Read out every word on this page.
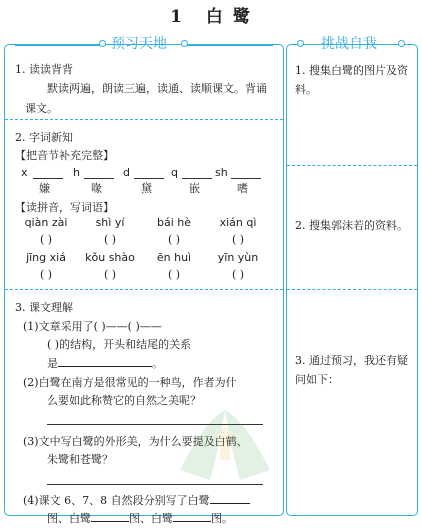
1 白 鹭
预习天地
1. 读读背背
默读两遍，朗读三遍，读通、读顺课文。背诵课文。
2. 字词新知
【把音节补充完整】
x	h	d	q	sh
嫌	喙	黛	嵌	嗜
【读拼音，写词语】
qiàn zài	shì yí	bái hè	xián qì
( )	( )	( )	( )
jīng xiá	kǒu shào	ēn huì	yīn yùn
( )	( )	( )	( )
3. 课文理解
(1)文章采用了( )——( )——
( )的结构，开头和结尾的关系
是	。
(2)白鹭在南方是很常见的一种鸟，作者为什
么要如此称赞它的自然之美呢？
(3)文中写白鹭的外形美，为什么要提及白鹤、
朱鹭和苍鹭？
(4)课文 6、7、8 自然段分别写了白鹭
图、白鹭	图、白鹭	图。
挑战自我
1. 搜集白鹭的图片及资料。
2. 搜集郭沫若的资料。
3. 通过预习，我还有疑问如下：
